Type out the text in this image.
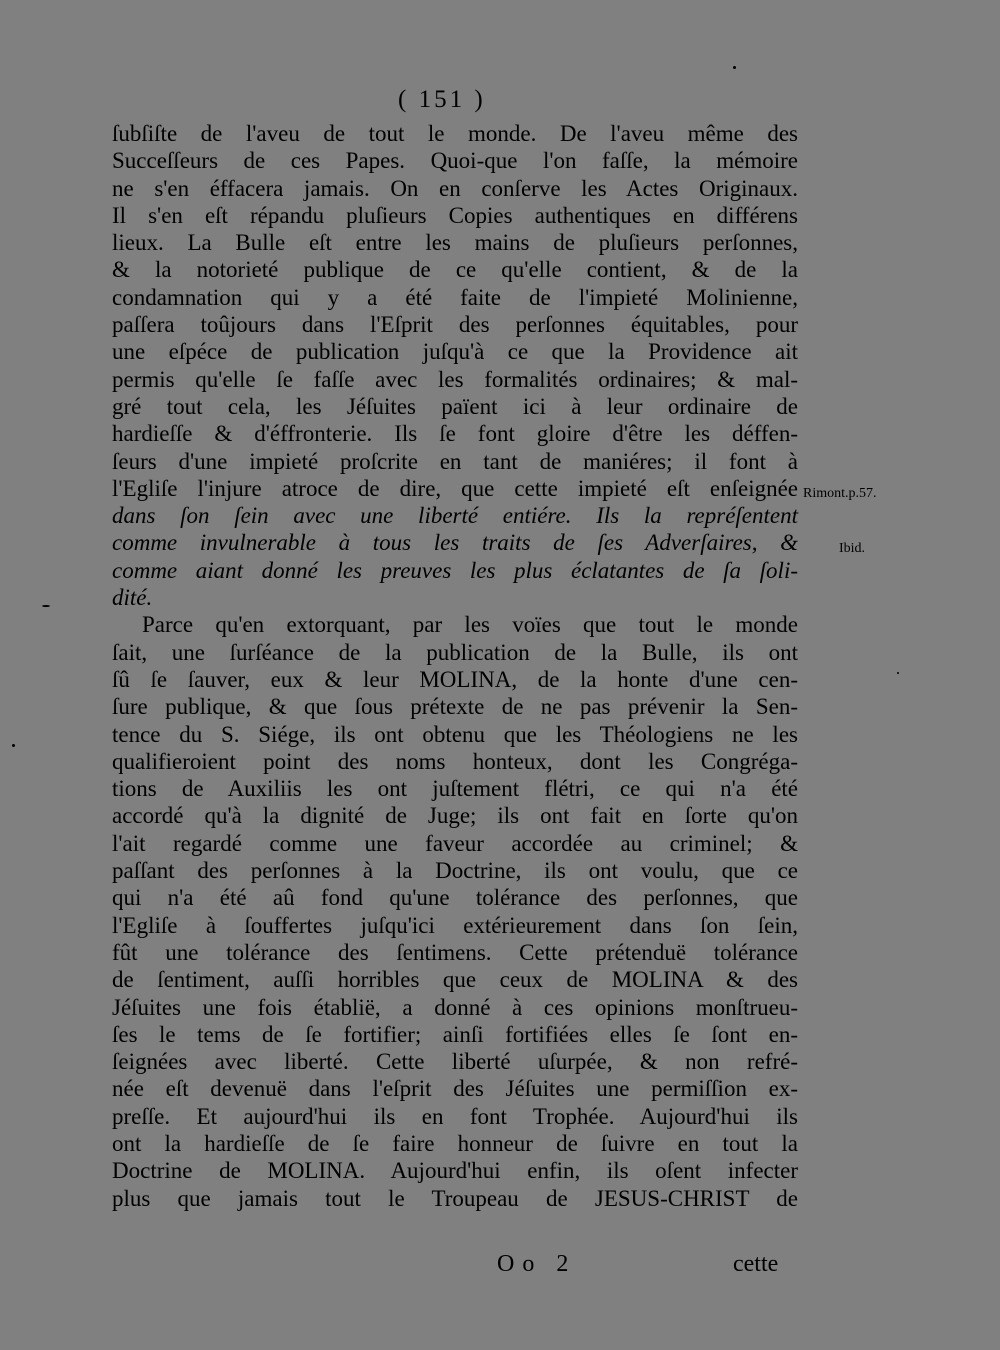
( 151 )
ſubſiſte de l'aveu de tout le monde. De l'aveu même des
Succeſſeurs de ces Papes. Quoi-que l'on faſſe, la mémoire
ne s'en éffacera jamais. On en conſerve les Actes Originaux.
Il s'en eſt répandu pluſieurs Copies authentiques en différens
lieux. La Bulle eſt entre les mains de pluſieurs perſonnes,
& la notorieté publique de ce qu'elle contient, & de la
condamnation qui y a été faite de l'impieté Molinienne,
paſſera toûjours dans l'Eſprit des perſonnes équitables, pour
une eſpéce de publication juſqu'à ce que la Providence ait
permis qu'elle ſe faſſe avec les formalités ordinaires; & mal-
gré tout cela, les Jéſuites païent ici à leur ordinaire de
hardieſſe & d'éffronterie. Ils ſe font gloire d'être les déffen-
ſeurs d'une impieté proſcrite en tant de maniéres; il font à
l'Egliſe l'injure atroce de dire, que cette impieté eſt enſeignée
dans ſon ſein avec une liberté entiére. Ils la repréſentent
comme invulnerable à tous les traits de ſes Adverſaires, &
comme aiant donné les preuves les plus éclatantes de ſa ſoli-
dité.
Parce qu'en extorquant, par les voïes que tout le monde
ſait, une ſurſéance de la publication de la Bulle, ils ont
ſû ſe ſauver, eux & leur MOLINA, de la honte d'une cen-
ſure publique, & que ſous prétexte de ne pas prévenir la Sen-
tence du S. Siége, ils ont obtenu que les Théologiens ne les
qualifieroient point des noms honteux, dont les Congréga-
tions de Auxiliis les ont juſtement flétri, ce qui n'a été
accordé qu'à la dignité de Juge; ils ont fait en ſorte qu'on
l'ait regardé comme une faveur accordée au criminel; &
paſſant des perſonnes à la Doctrine, ils ont voulu, que ce
qui n'a été aû fond qu'une tolérance des perſonnes, que
l'Egliſe à ſouffertes juſqu'ici extérieurement dans ſon ſein,
fût une tolérance des ſentimens. Cette prétenduë tolérance
de ſentiment, auſſi horribles que ceux de MOLINA & des
Jéſuites une fois établië, a donné à ces opinions monſtrueu-
ſes le tems de ſe fortifier; ainſi fortifiées elles ſe ſont en-
ſeignées avec liberté. Cette liberté uſurpée, & non refré-
née eſt devenuë dans l'eſprit des Jéſuites une permiſſion ex-
preſſe. Et aujourd'hui ils en font Trophée. Aujourd'hui ils
ont la hardieſſe de ſe faire honneur de ſuivre en tout la
Doctrine de MOLINA. Aujourd'hui enfin, ils oſent infecter
plus que jamais tout le Troupeau de JESUS-CHRIST de
Rimont.p.57.
Ibid.
Oo 2	cette
